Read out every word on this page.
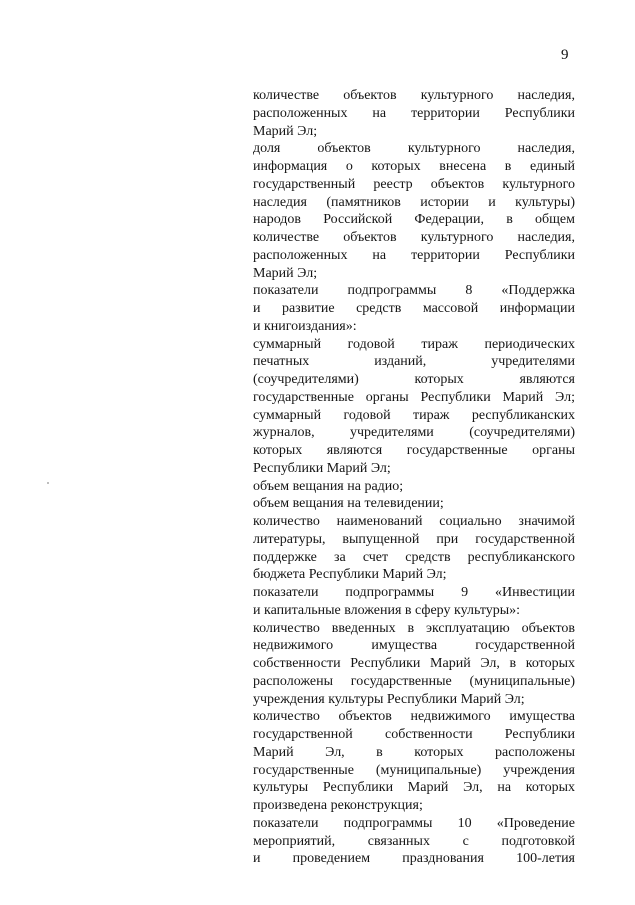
9
количестве объектов культурного наследия,
расположенных на территории Республики
Марий Эл;
доля объектов культурного наследия,
информация о которых внесена в единый
государственный реестр объектов культурного
наследия (памятников истории и культуры)
народов Российской Федерации, в общем
количестве объектов культурного наследия,
расположенных на территории Республики
Марий Эл;
показатели подпрограммы 8 «Поддержка
и развитие средств массовой информации
и книгоиздания»:
суммарный годовой тираж периодических
печатных изданий, учредителями
(соучредителями) которых являются
государственные органы Республики Марий Эл;
суммарный годовой тираж республиканских
журналов, учредителями (соучредителями)
которых являются государственные органы
Республики Марий Эл;
объем вещания на радио;
объем вещания на телевидении;
количество наименований социально значимой
литературы, выпущенной при государственной
поддержке за счет средств республиканского
бюджета Республики Марий Эл;
показатели подпрограммы 9 «Инвестиции
и капитальные вложения в сферу культуры»:
количество введенных в эксплуатацию объектов
недвижимого имущества государственной
собственности Республики Марий Эл, в которых
расположены государственные (муниципальные)
учреждения культуры Республики Марий Эл;
количество объектов недвижимого имущества
государственной собственности Республики
Марий Эл, в которых расположены
государственные (муниципальные) учреждения
культуры Республики Марий Эл, на которых
произведена реконструкция;
показатели подпрограммы 10 «Проведение
мероприятий, связанных с подготовкой
и проведением празднования 100-летия
